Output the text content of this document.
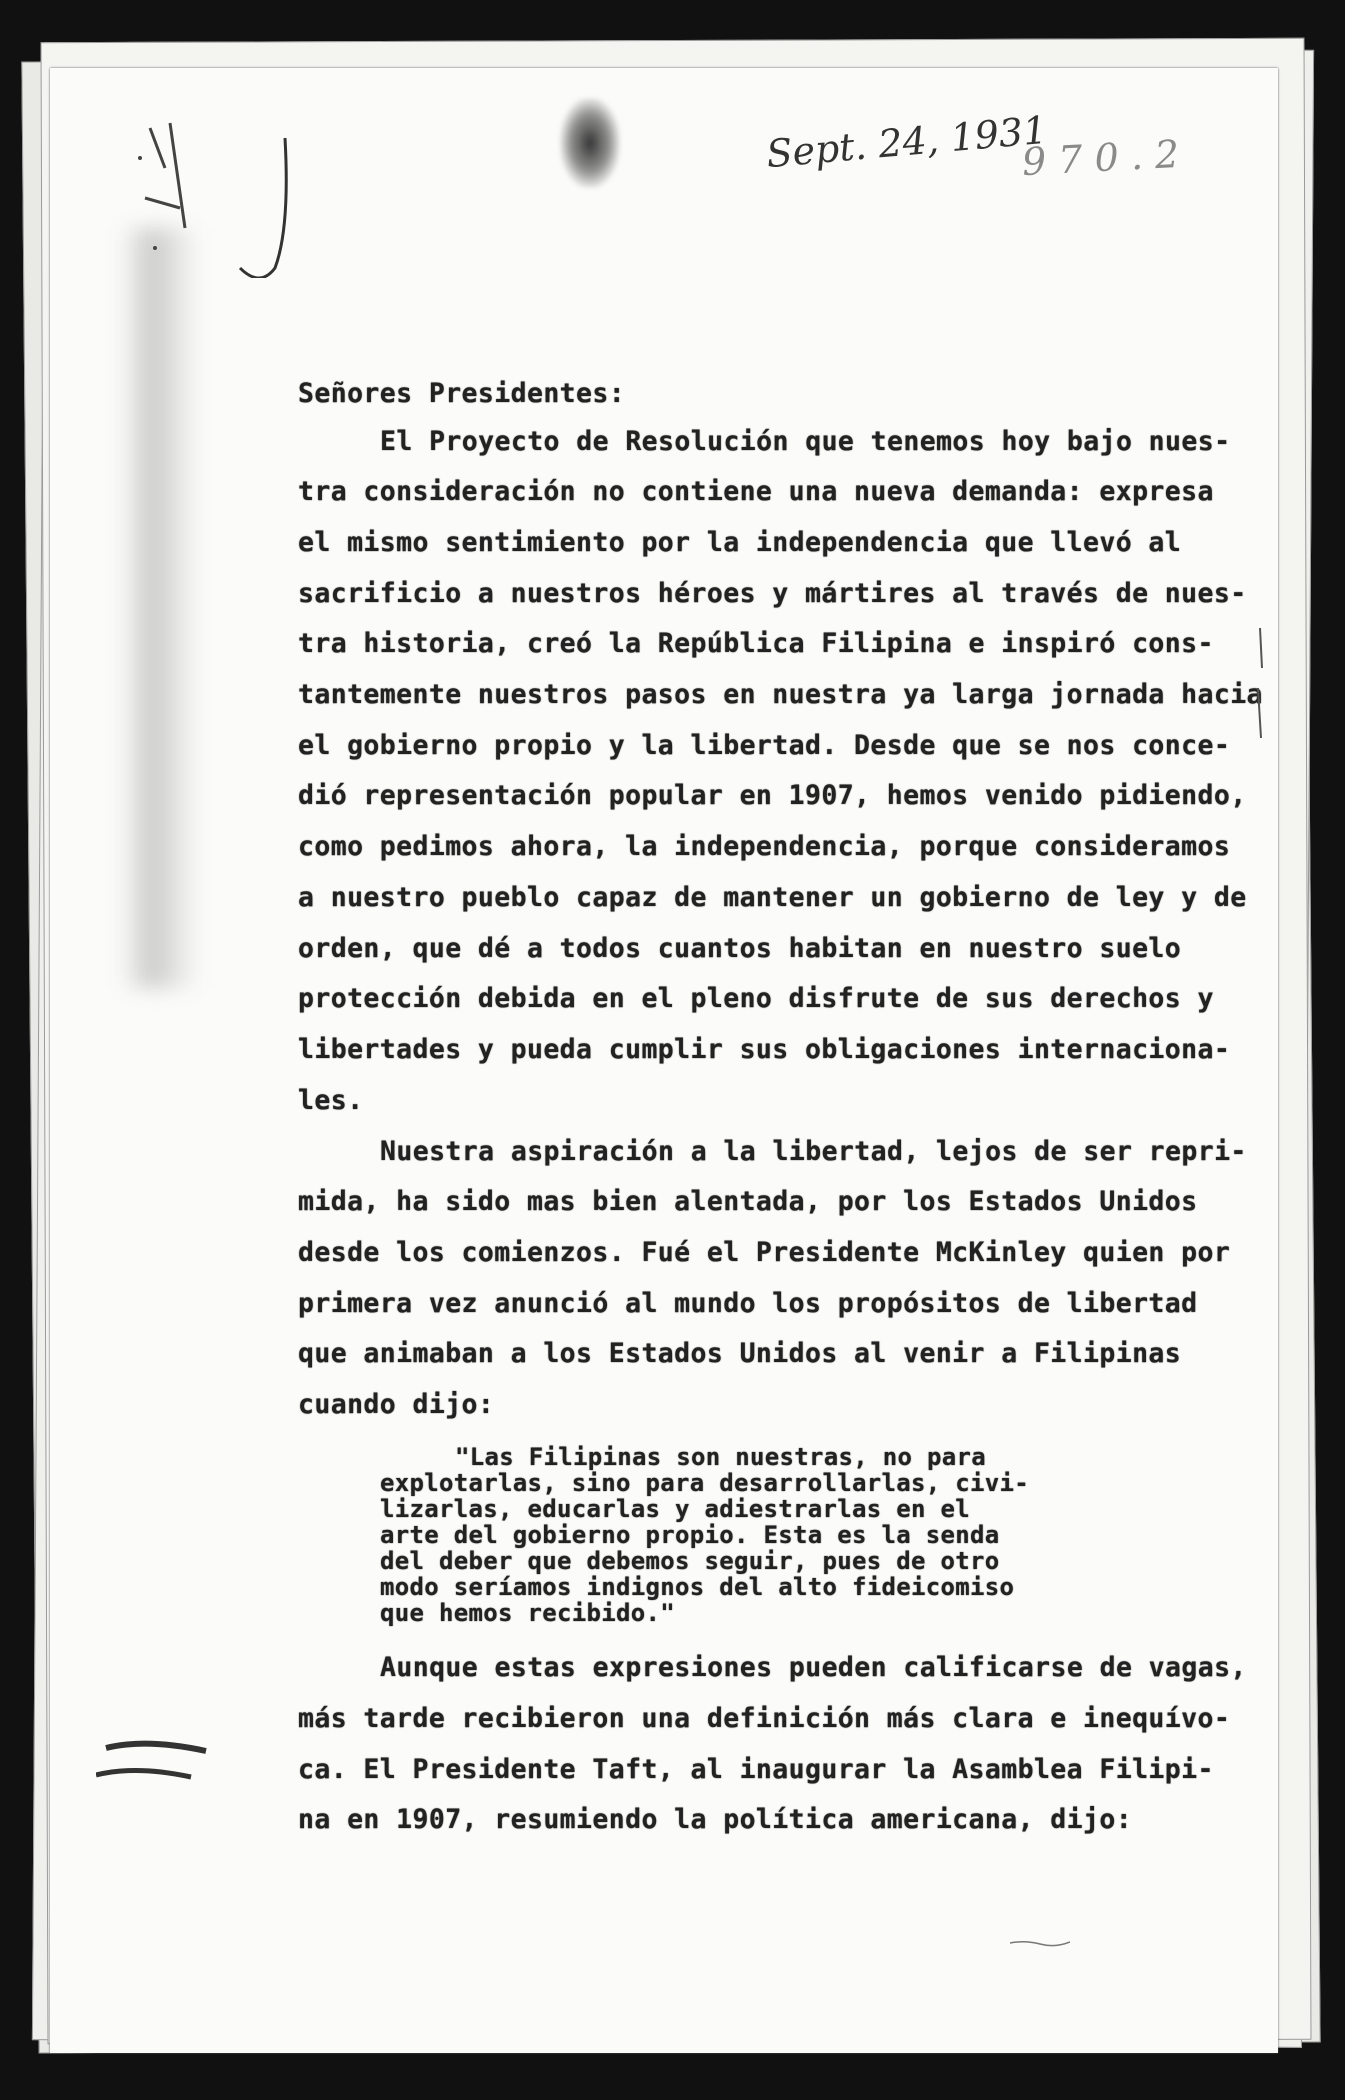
Sept. 24, 1931
9 7 0 . 2

Señores Presidentes:

El Proyecto de Resolución que tenemos hoy bajo nues-

tra consideración no contiene una nueva demanda: expresa

el mismo sentimiento por la independencia que llevó al

sacrificio a nuestros héroes y mártires al través de nues-

tra historia, creó la República Filipina e inspiró cons-

tantemente nuestros pasos en nuestra ya larga jornada hacia

el gobierno propio y la libertad. Desde que se nos conce-

dió representación popular en 1907, hemos venido pidiendo,

como pedimos ahora, la independencia, porque consideramos

a nuestro pueblo capaz de mantener un gobierno de ley y de

orden, que dé a todos cuantos habitan en nuestro suelo

protección debida en el pleno disfrute de sus derechos y

libertades y pueda cumplir sus obligaciones internaciona-

les.

Nuestra aspiración a la libertad, lejos de ser repri-

mida, ha sido mas bien alentada, por los Estados Unidos

desde los comienzos. Fué el Presidente McKinley quien por

primera vez anunció al mundo los propósitos de libertad

que animaban a los Estados Unidos al venir a Filipinas

cuando dijo:

"Las Filipinas son nuestras, no para

explotarlas, sino para desarrollarlas, civi-

lizarlas, educarlas y adiestrarlas en el

arte del gobierno propio. Esta es la senda

del deber que debemos seguir, pues de otro

modo seríamos indignos del alto fideicomiso

que hemos recibido."

Aunque estas expresiones pueden calificarse de vagas,

más tarde recibieron una definición más clara e inequívo-

ca. El Presidente Taft, al inaugurar la Asamblea Filipi-

na en 1907, resumiendo la política americana, dijo:
